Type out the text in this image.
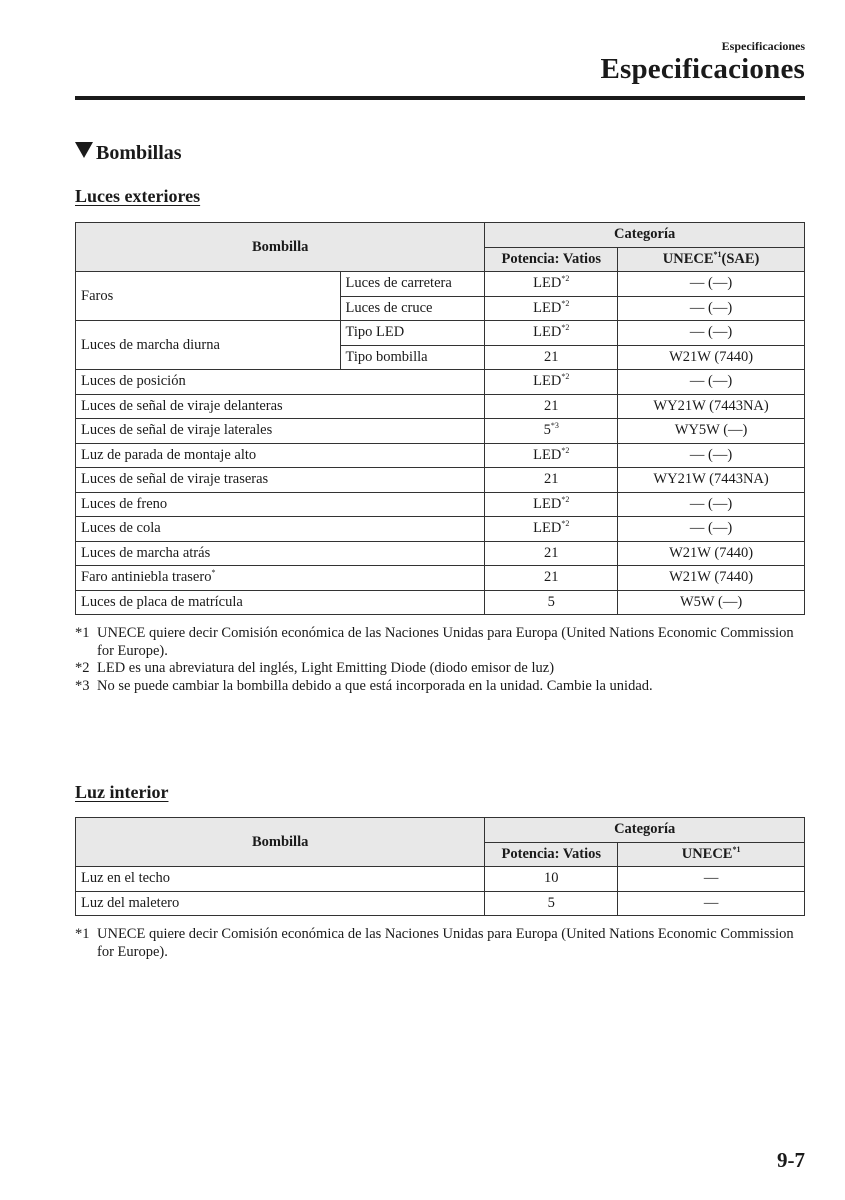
Especificaciones
Especificaciones
Bombillas
Luces exteriores
Bombilla		Categoría	
		Potencia: Vatios	UNECE$^{*1}$(SAE)
Faros	Luces de carretera	LED$^{*2}$	— (—)
	Luces de cruce	LED$^{*2}$	— (—)
Luces de marcha diurna	Tipo LED	LED$^{*2}$	— (—)
	Tipo bombilla	21	W21W (7440)
Luces de posición		LED$^{*2}$	— (—)
Luces de señal de viraje delanteras		21	WY21W (7443NA)
Luces de señal de viraje laterales		5$^{*3}$	WY5W (—)
Luz de parada de montaje alto		LED$^{*2}$	— (—)
Luces de señal de viraje traseras		21	WY21W (7443NA)
Luces de freno		LED$^{*2}$	— (—)
Luces de cola		LED$^{*2}$	— (—)
Luces de marcha atrás		21	W21W (7440)
Faro antiniebla trasero*		21	W21W (7440)
Luces de placa de matrícula		5	W5W (—)
*1 UNECE quiere decir Comisión económica de las Naciones Unidas para Europa (United Nations Economic Commission for Europe).
*2 LED es una abreviatura del inglés, Light Emitting Diode (diodo emisor de luz)
*3 No se puede cambiar la bombilla debido a que está incorporada en la unidad. Cambie la unidad.
Luz interior
Bombilla	Categoría	
	Potencia: Vatios	UNECE$^{*1}$
Luz en el techo	10	—
Luz del maletero	5	—
*1 UNECE quiere decir Comisión económica de las Naciones Unidas para Europa (United Nations Economic Commission for Europe).
9-7
